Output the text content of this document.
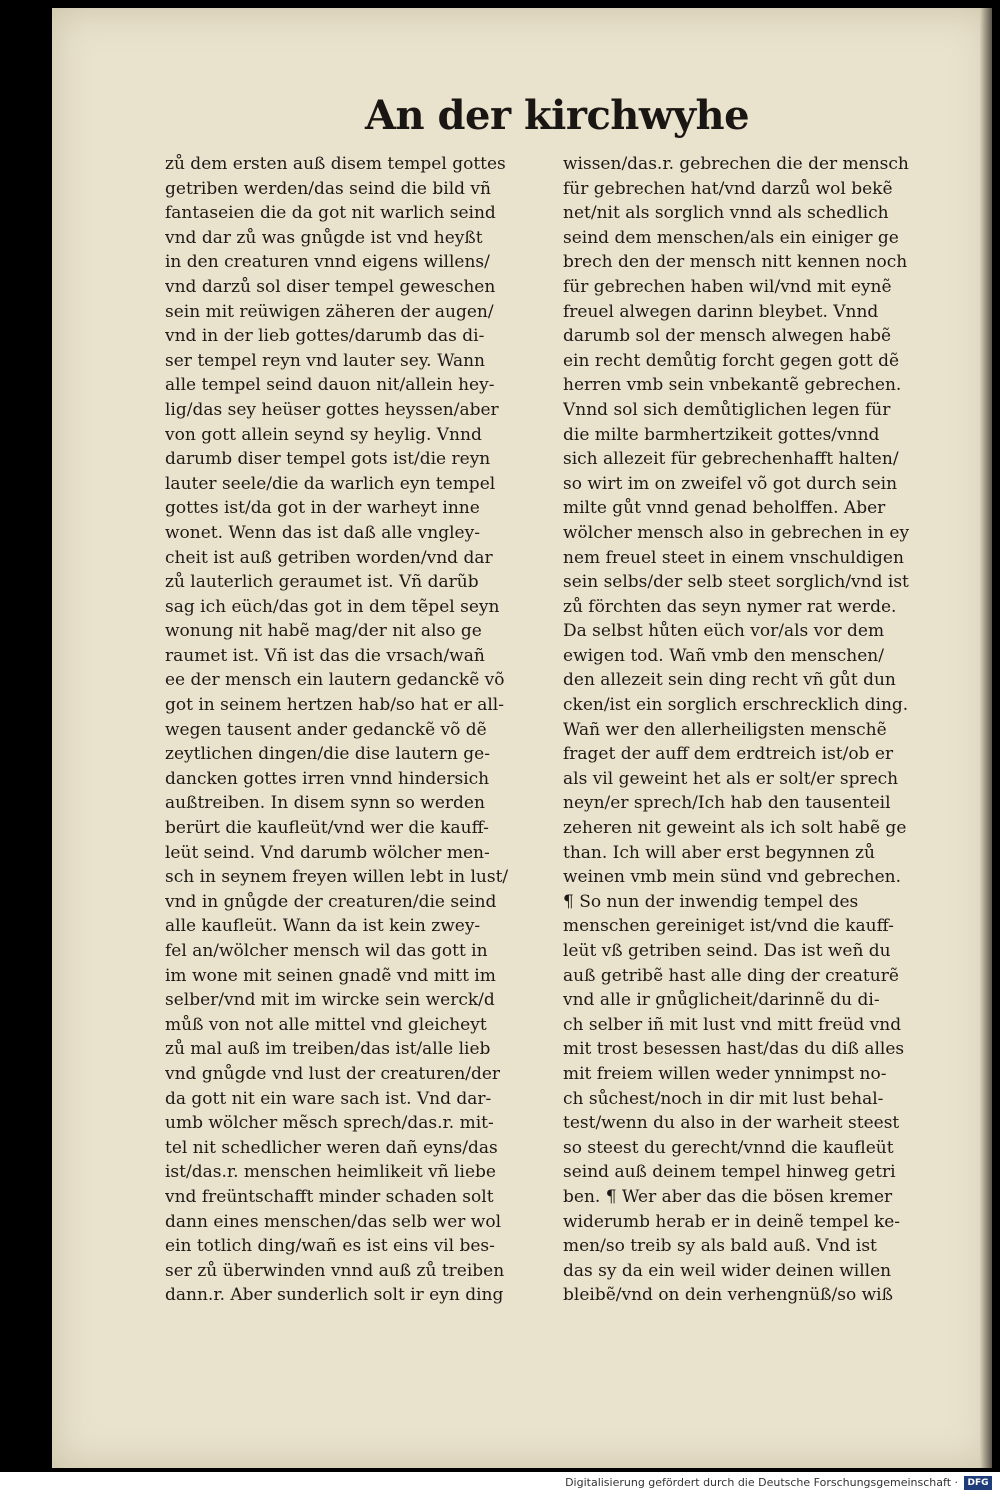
An der kirchwyhe
zů dem ersten auß disem tempel gottes
getriben werden/das seind die bild vñ
fantaseien die da got nit warlich seind
vnd dar zů was gnůgde ist vnd heyßt
in den creaturen vnnd eigens willens/
vnd darzů sol diser tempel geweschen
sein mit reüwigen zäheren der augen/
vnd in der lieb gottes/darumb das di-
ser tempel reyn vnd lauter sey. Wann
alle tempel seind dauon nit/allein hey-
lig/das sey heüser gottes heyssen/aber
von gott allein seynd sy heylig. Vnnd
darumb diser tempel gots ist/die reyn
lauter seele/die da warlich eyn tempel
gottes ist/da got in der warheyt inne
wonet. Wenn das ist daß alle vngley-
cheit ist auß getriben worden/vnd dar
zů lauterlich geraumet ist. Vñ darũb
sag ich eüch/das got in dem tẽpel seyn
wonung nit habẽ mag/der nit also ge
raumet ist. Vñ ist das die vrsach/wañ
ee der mensch ein lautern gedanckẽ võ
got in seinem hertzen hab/so hat er all-
wegen tausent ander gedanckẽ võ dẽ
zeytlichen dingen/die dise lautern ge-
dancken gottes irren vnnd hindersich
außtreiben. In disem synn so werden
berürt die kaufleüt/vnd wer die kauff-
leüt seind. Vnd darumb wölcher men-
sch in seynem freyen willen lebt in lust/
vnd in gnůgde der creaturen/die seind
alle kaufleüt. Wann da ist kein zwey-
fel an/wölcher mensch wil das gott in
im wone mit seinen gnadẽ vnd mitt im
selber/vnd mit im wircke sein werck/d
můß von not alle mittel vnd gleicheyt
zů mal auß im treiben/das ist/alle lieb
vnd gnůgde vnd lust der creaturen/der
da gott nit ein ware sach ist. Vnd dar-
umb wölcher mẽsch sprech/das.r. mit-
tel nit schedlicher weren dañ eyns/das
ist/das.r. menschen heimlikeit vñ liebe
vnd freüntschafft minder schaden solt
dann eines menschen/das selb wer wol
ein totlich ding/wañ es ist eins vil bes-
ser zů überwinden vnnd auß zů treiben
dann.r. Aber sunderlich solt ir eyn ding
wissen/das.r. gebrechen die der mensch
für gebrechen hat/vnd darzů wol bekẽ
net/nit als sorglich vnnd als schedlich
seind dem menschen/als ein einiger ge
brech den der mensch nitt kennen noch
für gebrechen haben wil/vnd mit eynẽ
freuel alwegen darinn bleybet. Vnnd
darumb sol der mensch alwegen habẽ
ein recht demůtig forcht gegen gott dẽ
herren vmb sein vnbekantẽ gebrechen.
Vnnd sol sich demůtiglichen legen für
die milte barmhertzikeit gottes/vnnd
sich allezeit für gebrechenhafft halten/
so wirt im on zweifel võ got durch sein
milte gůt vnnd genad beholffen. Aber
wölcher mensch also in gebrechen in ey
nem freuel steet in einem vnschuldigen
sein selbs/der selb steet sorglich/vnd ist
zů förchten das seyn nymer rat werde.
Da selbst hůten eüch vor/als vor dem
ewigen tod. Wañ vmb den menschen/
den allezeit sein ding recht vñ gůt dun
cken/ist ein sorglich erschrecklich ding.
Wañ wer den allerheiligsten menschẽ
fraget der auff dem erdtreich ist/ob er
als vil geweint het als er solt/er sprech
neyn/er sprech/Ich hab den tausenteil
zeheren nit geweint als ich solt habẽ ge
than. Ich will aber erst begynnen zů
weinen vmb mein sünd vnd gebrechen.
¶ So nun der inwendig tempel des
menschen gereiniget ist/vnd die kauff-
leüt vß getriben seind. Das ist weñ du
auß getribẽ hast alle ding der creaturẽ
vnd alle ir gnůglicheit/darinnẽ du di-
ch selber iñ mit lust vnd mitt freüd vnd
mit trost besessen hast/das du diß alles
mit freiem willen weder ynnimpst no-
ch sůchest/noch in dir mit lust behal-
test/wenn du also in der warheit steest
so steest du gerecht/vnnd die kaufleüt
seind auß deinem tempel hinweg getri
ben. ¶ Wer aber das die bösen kremer
widerumb herab er in deinẽ tempel ke-
men/so treib sy als bald auß. Vnd ist
das sy da ein weil wider deinen willen
bleibẽ/vnd on dein verhengnüß/so wiß
Digitalisierung gefördert durch die Deutsche Forschungsgemeinschaft ·	DFG
